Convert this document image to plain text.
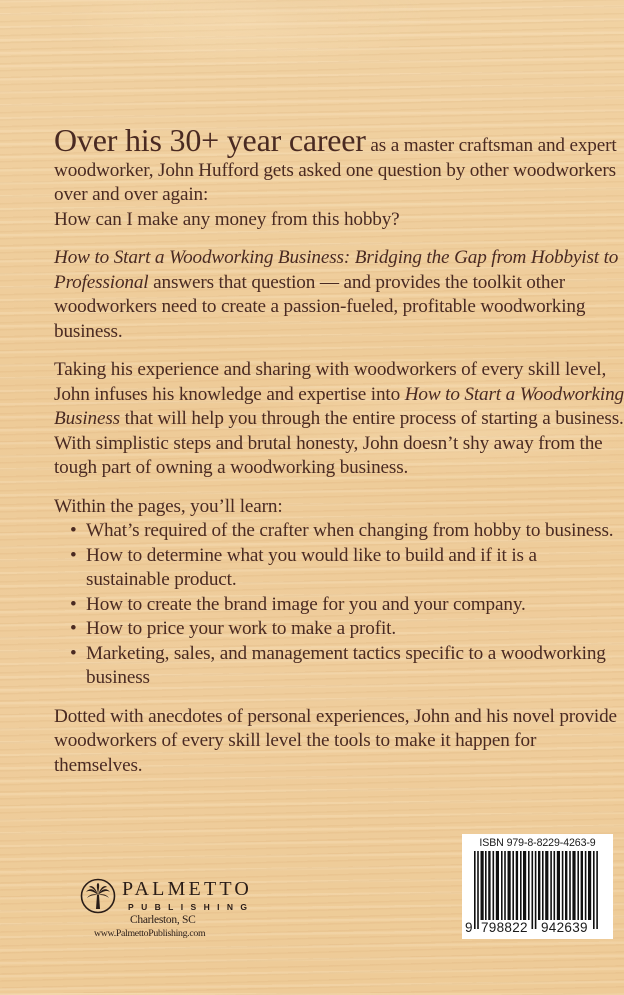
Over his 30+ year career as a master craftsman and expert woodworker, John Hufford gets asked one question by other woodworkers over and over again:
How can I make any money from this hobby?

How to Start a Woodworking Business: Bridging the Gap from Hobbyist to Professional answers that question — and provides the toolkit other woodworkers need to create a passion-fueled, profitable woodworking business.

Taking his experience and sharing with woodworkers of every skill level, John infuses his knowledge and expertise into How to Start a Woodworking Business that will help you through the entire process of starting a business. With simplistic steps and brutal honesty, John doesn’t shy away from the tough part of owning a woodworking business.

Within the pages, you’ll learn:

• What’s required of the crafter when changing from hobby to business.
• How to determine what you would like to build and if it is a sustainable product.
• How to create the brand image for you and your company.
• How to price your work to make a profit.
• Marketing, sales, and management tactics specific to a woodworking business

Dotted with anecdotes of personal experiences, John and his novel provide woodworkers of every skill level the tools to make it happen for themselves.

PALMETTO
PUBLISHING
Charleston, SC
www.PalmettoPublishing.com
ISBN 979-8-8229-4263-9

9

798822

942639
